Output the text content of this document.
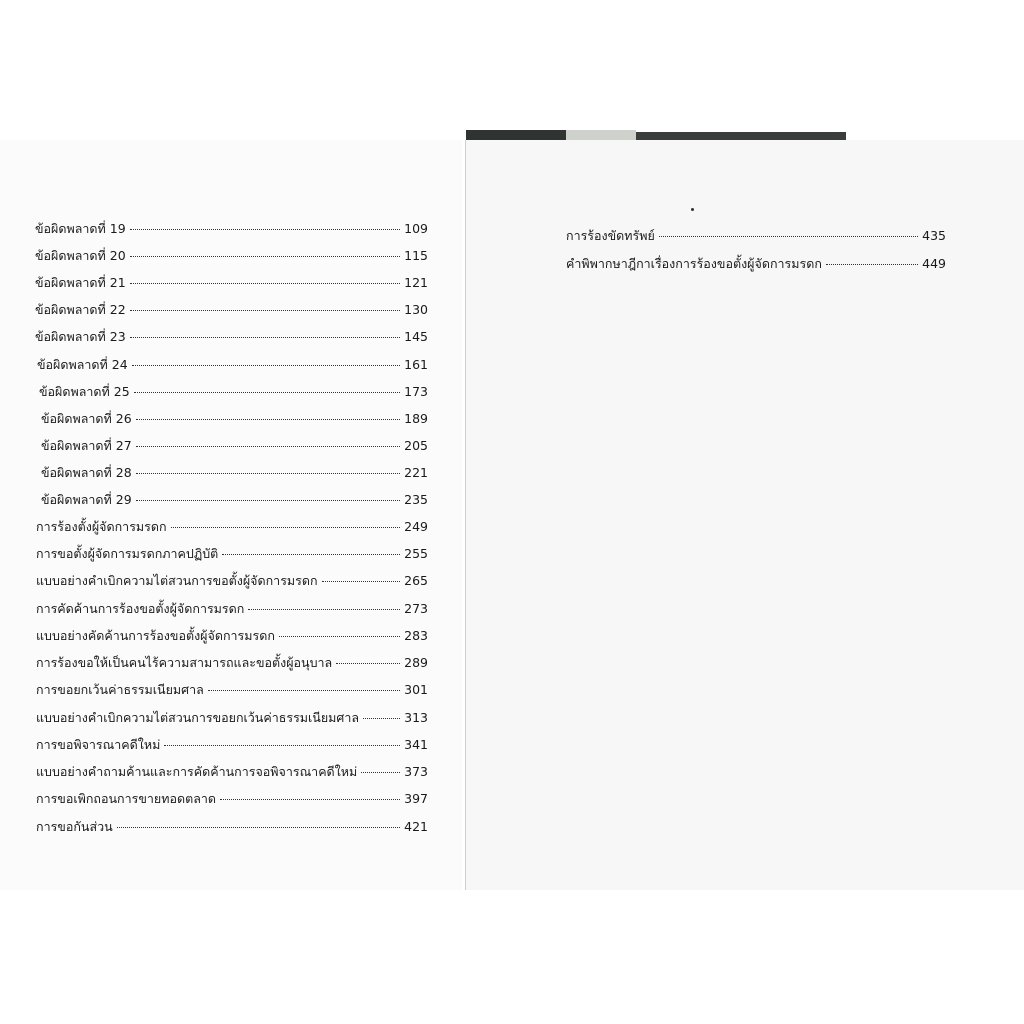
ข้อผิดพลาดที่ 19	109
ข้อผิดพลาดที่ 20	115
ข้อผิดพลาดที่ 21	121
ข้อผิดพลาดที่ 22	130
ข้อผิดพลาดที่ 23	145
ข้อผิดพลาดที่ 24	161
ข้อผิดพลาดที่ 25	173
ข้อผิดพลาดที่ 26	189
ข้อผิดพลาดที่ 27	205
ข้อผิดพลาดที่ 28	221
ข้อผิดพลาดที่ 29	235
การร้องตั้งผู้จัดการมรดก	249
การขอตั้งผู้จัดการมรดกภาคปฏิบัติ	255
แบบอย่างคำเบิกความไต่สวนการขอตั้งผู้จัดการมรดก	265
การคัดค้านการร้องขอตั้งผู้จัดการมรดก	273
แบบอย่างคัดค้านการร้องขอตั้งผู้จัดการมรดก	283
การร้องขอให้เป็นคนไร้ความสามารถและขอตั้งผู้อนุบาล	289
การขอยกเว้นค่าธรรมเนียมศาล	301
แบบอย่างคำเบิกความไต่สวนการขอยกเว้นค่าธรรมเนียมศาล	313
การขอพิจารณาคดีใหม่	341
แบบอย่างคำถามค้านและการคัดค้านการจอพิจารณาคดีใหม่	373
การขอเพิกถอนการขายทอดตลาด	397
การขอกันส่วน	421
การร้องขัดทรัพย์	435
คำพิพากษาฎีกาเรื่องการร้องขอตั้งผู้จัดการมรดก	449
